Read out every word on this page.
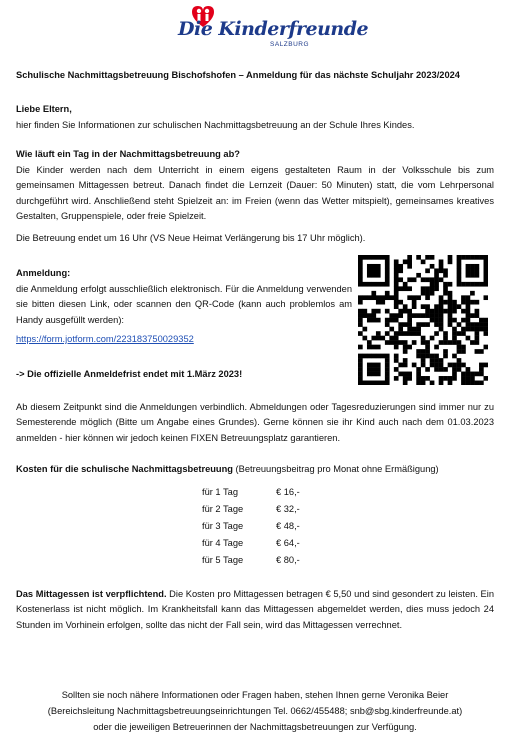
Die Kinderfreunde
SALZBURG
Schulische Nachmittagsbetreuung Bischofshofen – Anmeldung für das nächste Schuljahr 2023/2024
Liebe Eltern,
hier finden Sie Informationen zur schulischen Nachmittagsbetreuung an der Schule Ihres Kindes.
Wie läuft ein Tag in der Nachmittagsbetreuung ab?
Die Kinder werden nach dem Unterricht in einem eigens gestalteten Raum in der Volksschule bis zum gemeinsamen Mittagessen betreut. Danach findet die Lernzeit (Dauer: 50 Minuten) statt, die vom Lehrpersonal durchgeführt wird. Anschließend steht Spielzeit an: im Freien (wenn das Wetter mitspielt), gemeinsames kreatives Gestalten, Gruppenspiele, oder freie Spielzeit.
Die Betreuung endet um 16 Uhr (VS Neue Heimat Verlängerung bis 17 Uhr möglich).
Anmeldung:
die Anmeldung erfolgt ausschließlich elektronisch. Für die Anmeldung verwenden sie bitten diesen Link, oder scannen den QR-Code (kann auch problemlos am Handy ausgefüllt werden):
https://form.jotform.com/223183750029352
-> Die offizielle Anmeldefrist endet mit 1.März 2023!
Ab diesem Zeitpunkt sind die Anmeldungen verbindlich. Abmeldungen oder Tagesreduzierungen sind immer nur zu Semesterende möglich (Bitte um Angabe eines Grundes). Gerne können sie ihr Kind auch nach dem 01.03.2023 anmelden - hier können wir jedoch keinen FIXEN Betreuungsplatz garantieren.
Kosten für die schulische Nachmittagsbetreuung (Betreuungsbeitrag pro Monat ohne Ermäßigung)
für 1 Tag	€ 16,-
für 2 Tage	€ 32,-
für 3 Tage	€ 48,-
für 4 Tage	€ 64,-
für 5 Tage	€ 80,-
Das Mittagessen ist verpflichtend. Die Kosten pro Mittagessen betragen € 5,50 und sind gesondert zu leisten. Ein Kostenerlass ist nicht möglich. Im Krankheitsfall kann das Mittagessen abgemeldet werden, dies muss jedoch 24 Stunden im Vorhinein erfolgen, sollte das nicht der Fall sein, wird das Mittagessen verrechnet.
Sollten sie noch nähere Informationen oder Fragen haben, stehen Ihnen gerne Veronika Beier
(Bereichsleitung Nachmittagsbetreuungseinrichtungen Tel. 0662/455488; snb@sbg.kinderfreunde.at)
oder die jeweiligen Betreuerinnen der Nachmittagsbetreuungen zur Verfügung.
